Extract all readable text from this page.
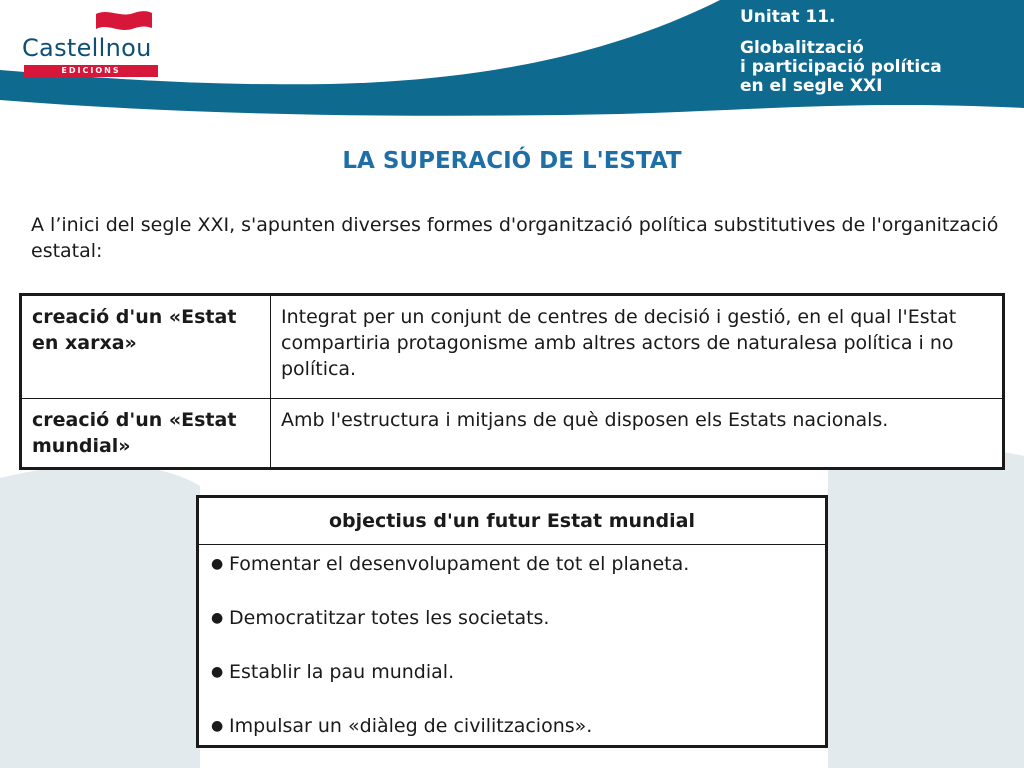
Castellnou
EDICIONS

Unitat 11.

Globalització
i participació política
en el segle XXI
LA SUPERACIÓ DE L'ESTAT

A l’inici del segle XXI, s'apunten diverses formes d'organització política substitutives de l'organització estatal:

creació d'un «Estat en xarxa»	Integrat per un conjunt de centres de decisió i gestió, en el qual l'Estat compartiria protagonisme amb altres actors de naturalesa política i no política.
creació d'un «Estat mundial»	Amb l'estructura i mitjans de què disposen els Estats nacionals.
objectius d'un futur Estat mundial

● Fomentar el desenvolupament de tot el planeta.
● Democratitzar totes les societats.
● Establir la pau mundial.
● Impulsar un «diàleg de civilitzacions».
